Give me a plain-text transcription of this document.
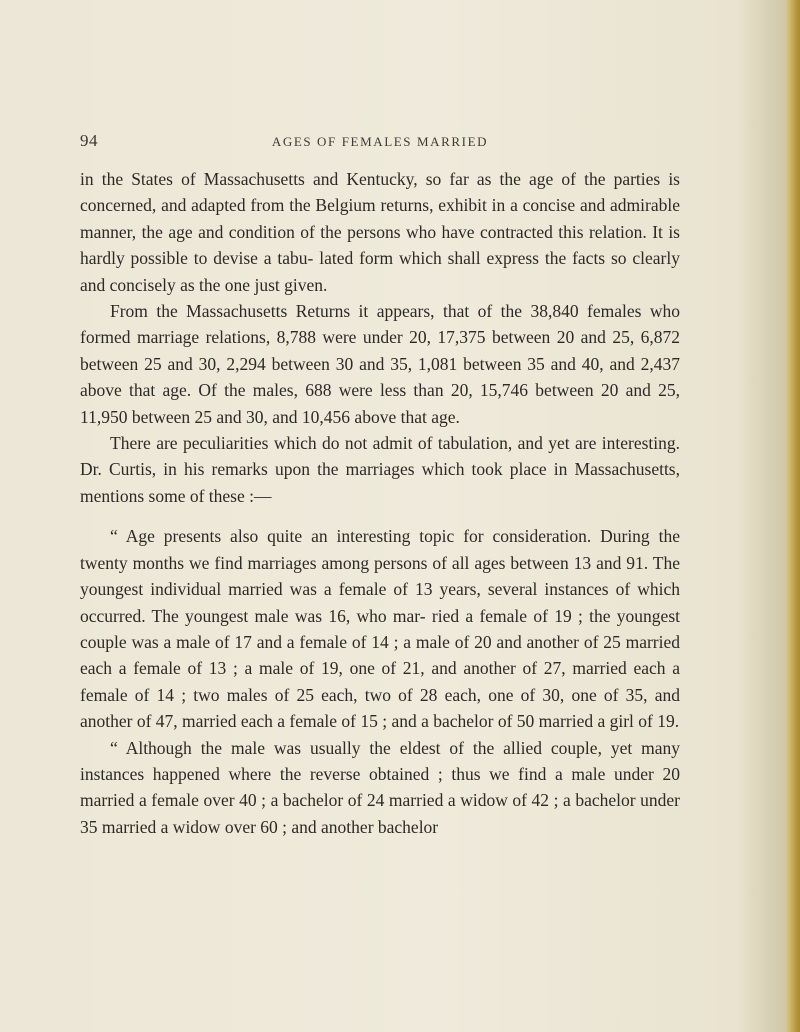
94	AGES OF FEMALES MARRIED

in the States of Massachusetts and Kentucky, so far as the age of the parties is concerned, and adapted from the Belgium returns, exhibit in a concise and admirable manner, the age and condition of the persons who have contracted this relation. It is hardly possible to devise a tabu- lated form which shall express the facts so clearly and concisely as the one just given.

From the Massachusetts Returns it appears, that of the 38,840 females who formed marriage relations, 8,788 were under 20, 17,375 between 20 and 25, 6,872 between 25 and 30, 2,294 between 30 and 35, 1,081 between 35 and 40, and 2,437 above that age. Of the males, 688 were less than 20, 15,746 between 20 and 25, 11,950 between 25 and 30, and 10,456 above that age.

There are peculiarities which do not admit of tabulation, and yet are interesting. Dr. Curtis, in his remarks upon the marriages which took place in Massachusetts, mentions some of these :—

“ Age presents also quite an interesting topic for consideration. During the twenty months we find marriages among persons of all ages between 13 and 91. The youngest individual married was a female of 13 years, several instances of which occurred. The youngest male was 16, who mar- ried a female of 19 ; the youngest couple was a male of 17 and a female of 14 ; a male of 20 and another of 25 married each a female of 13 ; a male of 19, one of 21, and another of 27, married each a female of 14 ; two males of 25 each, two of 28 each, one of 30, one of 35, and another of 47, married each a female of 15 ; and a bachelor of 50 married a girl of 19.

“ Although the male was usually the eldest of the allied couple, yet many instances happened where the reverse obtained ; thus we find a male under 20 married a female over 40 ; a bachelor of 24 married a widow of 42 ; a bachelor under 35 married a widow over 60 ; and another bachelor
